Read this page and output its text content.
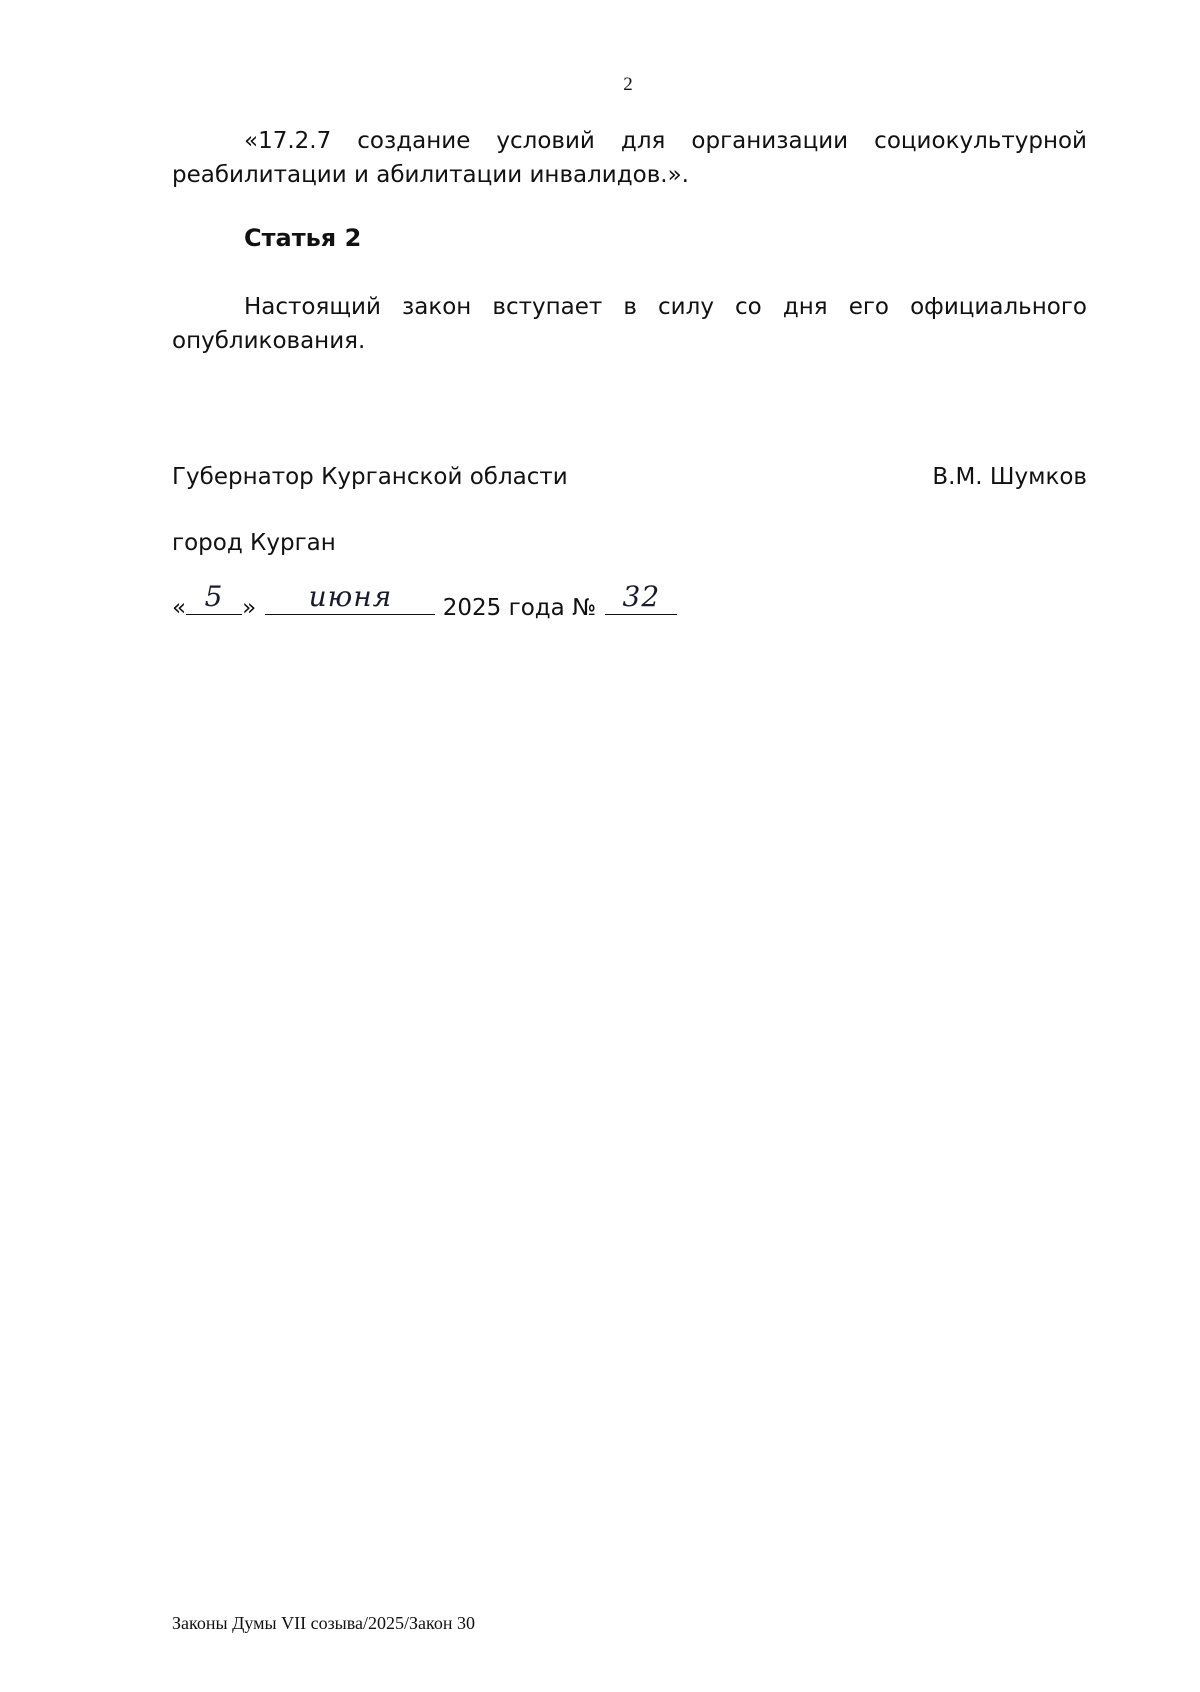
2
«17.2.7 создание условий для организации социокультурной
реабилитации и абилитации инвалидов.».
Статья 2
Настоящий закон вступает в силу со дня его официального
опубликования.
Губернатор Курганской области	В.М. Шумков
город Курган
« 5 »	июня	2025 года № 32
Законы Думы VII созыва/2025/Закон 30
